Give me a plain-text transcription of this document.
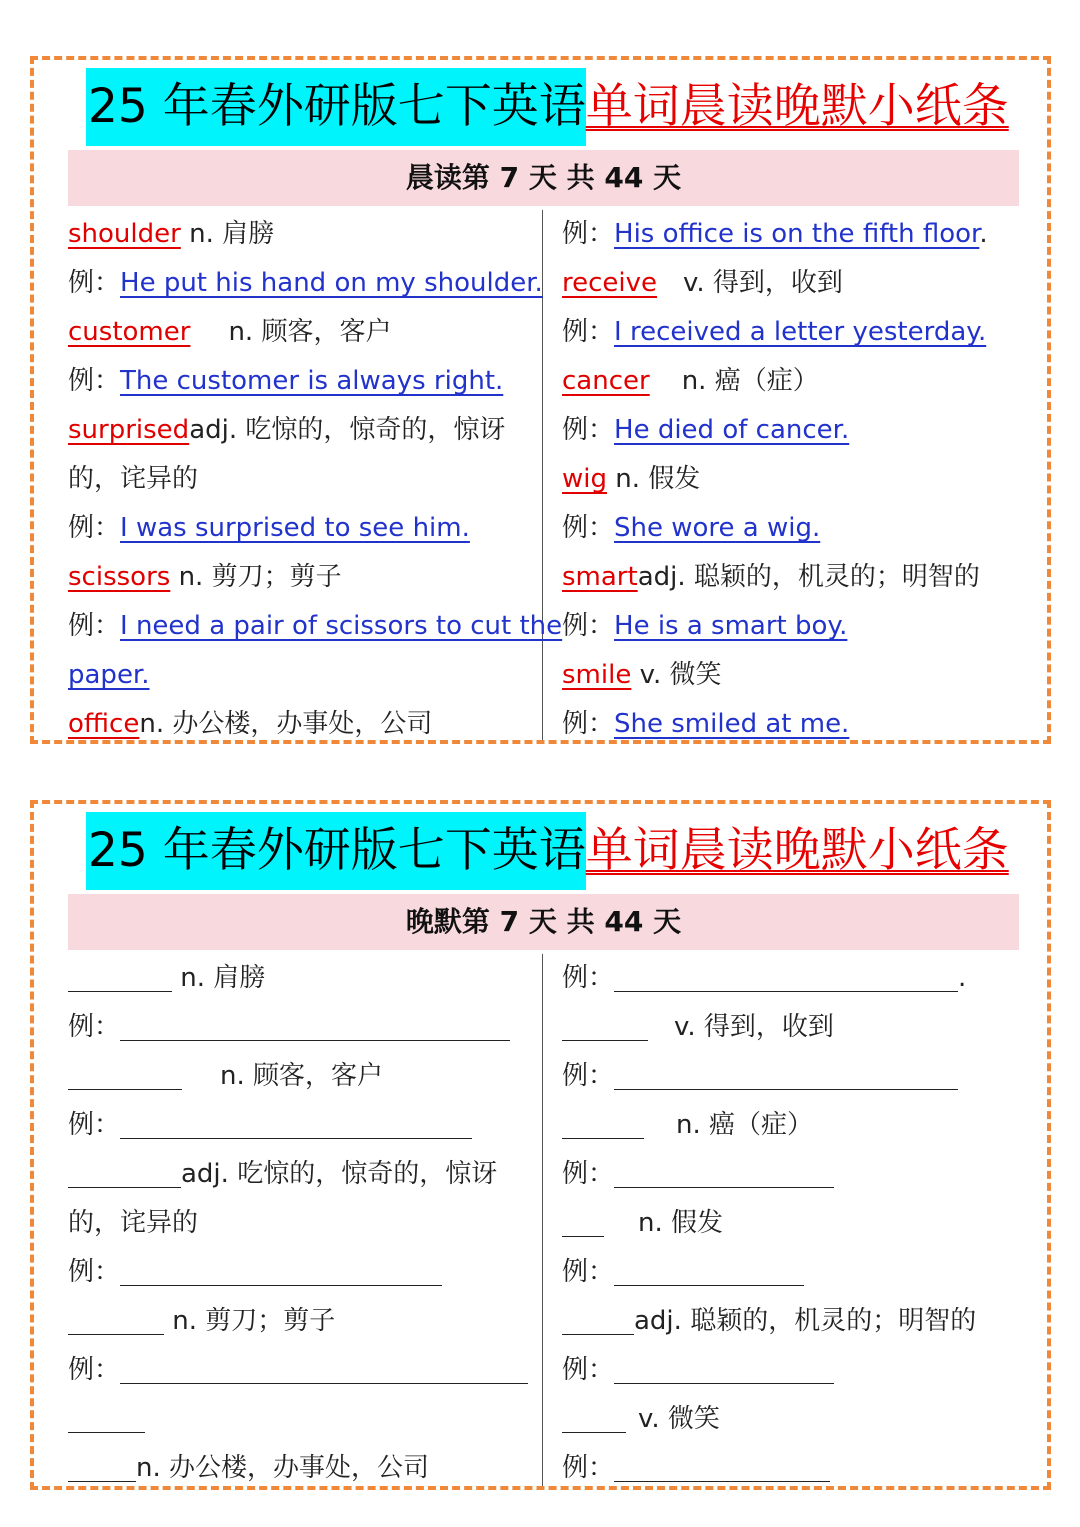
25 年春外研版七下英语单词晨读晚默小纸条
晨读第 7 天 共 44 天
shoulder n. 肩膀
例：He put his hand on my shoulder.
customer n. 顾客，客户
例：The customer is always right.
surprisedadj. 吃惊的，惊奇的，惊讶
的，诧异的
例：I was surprised to see him.
scissors n. 剪刀；剪子
例：I need a pair of scissors to cut the
paper.
officen. 办公楼，办事处，公司
例：His office is on the fifth floor.
receive v. 得到，收到
例：I received a letter yesterday.
cancer n. 癌（症）
例：He died of cancer.
wig n. 假发
例：She wore a wig.
smartadj. 聪颖的，机灵的；明智的
例：He is a smart boy.
smile v. 微笑
例：She smiled at me.
25 年春外研版七下英语单词晨读晚默小纸条
晚默第 7 天 共 44 天
n. 肩膀
例：
n. 顾客，客户
例：
adj. 吃惊的，惊奇的，惊讶
的，诧异的
例：
n. 剪刀；剪子
例：
n. 办公楼，办事处，公司
例：	.
v. 得到，收到
例：
n. 癌（症）
例：
n. 假发
例：
adj. 聪颖的，机灵的；明智的
例：
v. 微笑
例：
